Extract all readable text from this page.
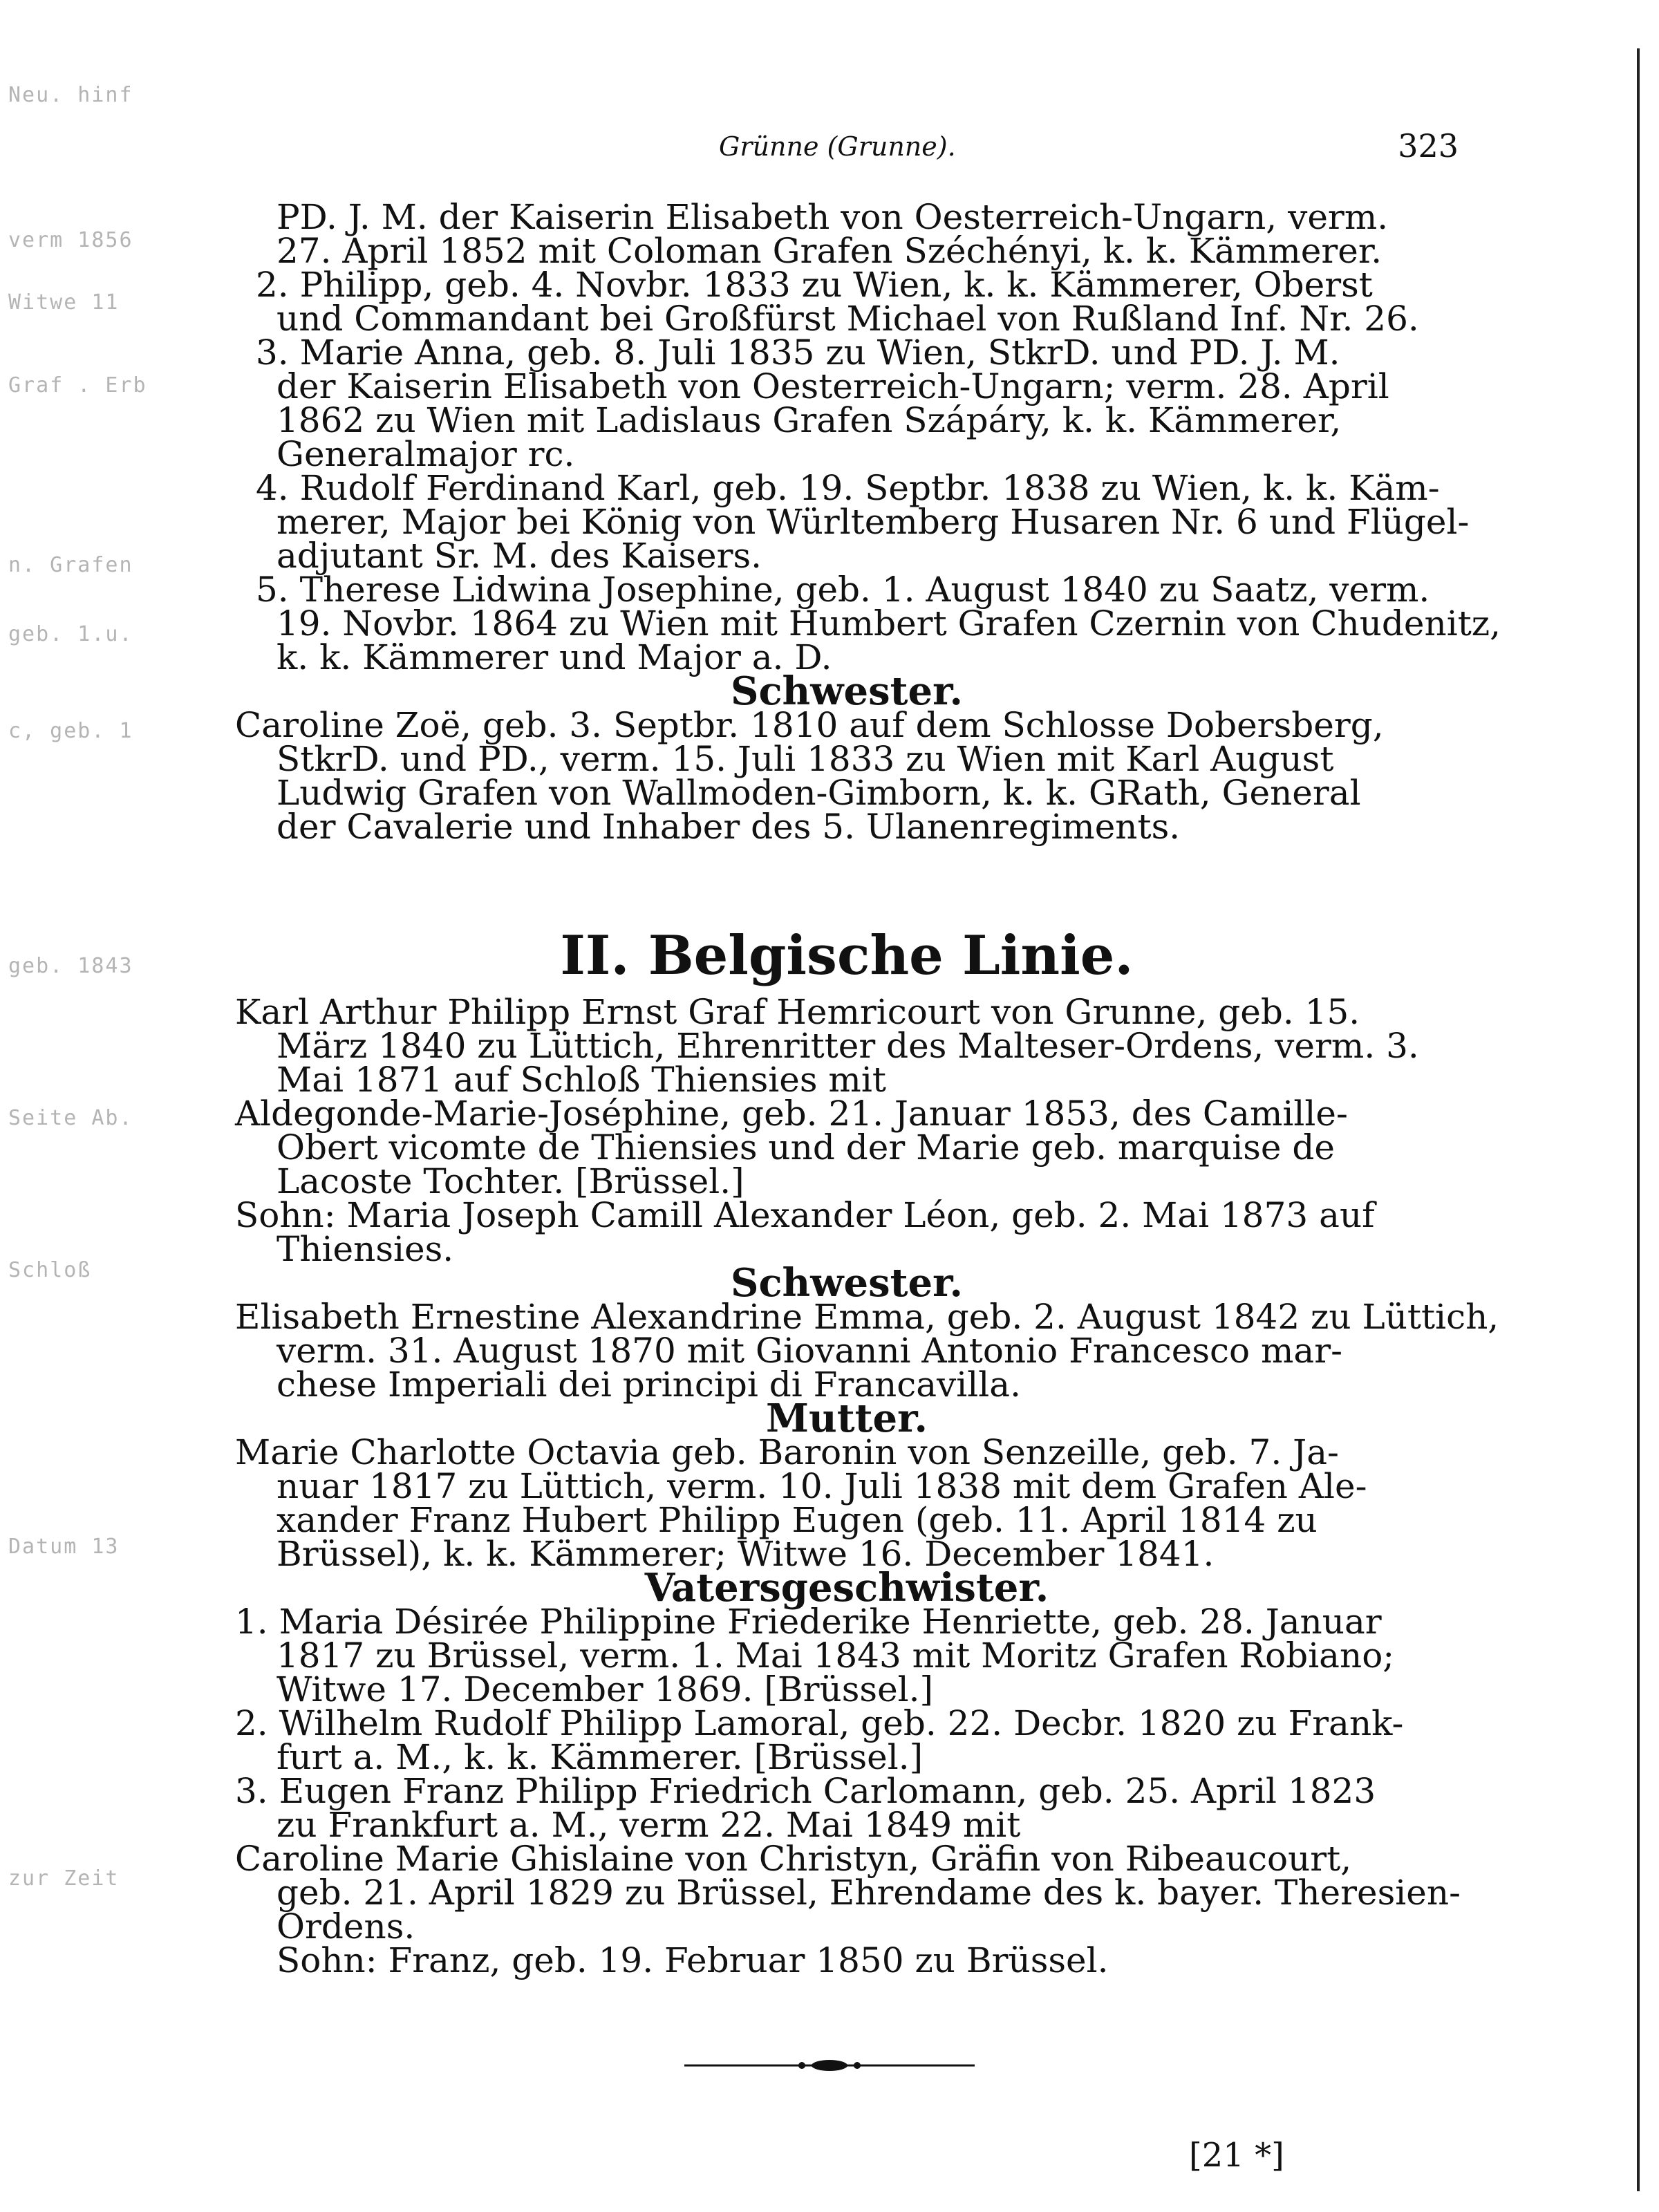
Neu. hinf
verm 1856
Witwe 11
Graf . Erb
n. Grafen
geb. 1.u.
c, geb. 1
geb. 1843
Seite Ab.
Schloß
Datum 13
zur Zeit
Grünne (Grunne).	323
PD. J. M. der Kaiserin Elisabeth von Oesterreich-Ungarn, verm.
27. April 1852 mit Coloman Grafen Széchényi, k. k. Kämmerer.
2. Philipp, geb. 4. Novbr. 1833 zu Wien, k. k. Kämmerer, Oberst
und Commandant bei Großfürst Michael von Rußland Inf. Nr. 26.
3. Marie Anna, geb. 8. Juli 1835 zu Wien, StkrD. und PD. J. M.
der Kaiserin Elisabeth von Oesterreich-Ungarn; verm. 28. April
1862 zu Wien mit Ladislaus Grafen Szápáry, k. k. Kämmerer,
Generalmajor rc.
4. Rudolf Ferdinand Karl, geb. 19. Septbr. 1838 zu Wien, k. k. Käm-
merer, Major bei König von Würltemberg Husaren Nr. 6 und Flügel-
adjutant Sr. M. des Kaisers.
5. Therese Lidwina Josephine, geb. 1. August 1840 zu Saatz, verm.
19. Novbr. 1864 zu Wien mit Humbert Grafen Czernin von Chudenitz,
k. k. Kämmerer und Major a. D.
Schwester.
Caroline Zoë, geb. 3. Septbr. 1810 auf dem Schlosse Dobersberg,
StkrD. und PD., verm. 15. Juli 1833 zu Wien mit Karl August
Ludwig Grafen von Wallmoden-Gimborn, k. k. GRath, General
der Cavalerie und Inhaber des 5. Ulanenregiments.
II. Belgische Linie.
Karl Arthur Philipp Ernst Graf Hemricourt von Grunne, geb. 15.
März 1840 zu Lüttich, Ehrenritter des Malteser-Ordens, verm. 3.
Mai 1871 auf Schloß Thiensies mit
Aldegonde-Marie-Joséphine, geb. 21. Januar 1853, des Camille-
Obert vicomte de Thiensies und der Marie geb. marquise de
Lacoste Tochter. [Brüssel.]
Sohn: Maria Joseph Camill Alexander Léon, geb. 2. Mai 1873 auf
Thiensies.
Schwester.
Elisabeth Ernestine Alexandrine Emma, geb. 2. August 1842 zu Lüttich,
verm. 31. August 1870 mit Giovanni Antonio Francesco mar-
chese Imperiali dei principi di Francavilla.
Mutter.
Marie Charlotte Octavia geb. Baronin von Senzeille, geb. 7. Ja-
nuar 1817 zu Lüttich, verm. 10. Juli 1838 mit dem Grafen Ale-
xander Franz Hubert Philipp Eugen (geb. 11. April 1814 zu
Brüssel), k. k. Kämmerer; Witwe 16. December 1841.
Vatersgeschwister.
1. Maria Désirée Philippine Friederike Henriette, geb. 28. Januar
1817 zu Brüssel, verm. 1. Mai 1843 mit Moritz Grafen Robiano;
Witwe 17. December 1869. [Brüssel.]
2. Wilhelm Rudolf Philipp Lamoral, geb. 22. Decbr. 1820 zu Frank-
furt a. M., k. k. Kämmerer. [Brüssel.]
3. Eugen Franz Philipp Friedrich Carlomann, geb. 25. April 1823
zu Frankfurt a. M., verm 22. Mai 1849 mit
Caroline Marie Ghislaine von Christyn, Gräfin von Ribeaucourt,
geb. 21. April 1829 zu Brüssel, Ehrendame des k. bayer. Theresien-
Ordens.
Sohn: Franz, geb. 19. Februar 1850 zu Brüssel.
[21 *]
